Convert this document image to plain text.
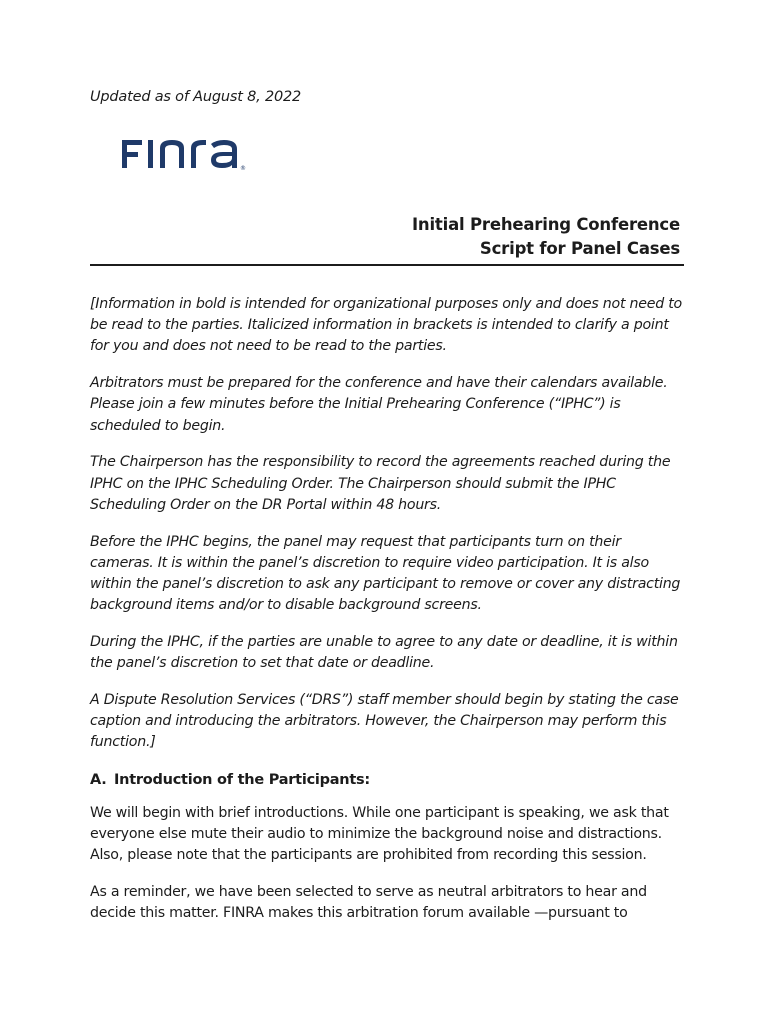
Updated as of August 8, 2022
®
Initial Prehearing Conference
Script for Panel Cases

[Information in bold is intended for organizational purposes only and does not need to be read to the parties. Italicized information in brackets is intended to clarify a point for you and does not need to be read to the parties.

Arbitrators must be prepared for the conference and have their calendars available. Please join a few minutes before the Initial Prehearing Conference (“IPHC”) is scheduled to begin.

The Chairperson has the responsibility to record the agreements reached during the IPHC on the IPHC Scheduling Order. The Chairperson should submit the IPHC Scheduling Order on the DR Portal within 48 hours.

Before the IPHC begins, the panel may request that participants turn on their cameras. It is within the panel’s discretion to require video participation. It is also within the panel’s discretion to ask any participant to remove or cover any distracting background items and/or to disable background screens.

During the IPHC, if the parties are unable to agree to any date or deadline, it is within the panel’s discretion to set that date or deadline.

A Dispute Resolution Services (“DRS”) staff member should begin by stating the case caption and introducing the arbitrators. However, the Chairperson may perform this function.]

A. Introduction of the Participants:

We will begin with brief introductions. While one participant is speaking, we ask that everyone else mute their audio to minimize the background noise and distractions. Also, please note that the participants are prohibited from recording this session.

As a reminder, we have been selected to serve as neutral arbitrators to hear and decide this matter. FINRA makes this arbitration forum available —pursuant to
